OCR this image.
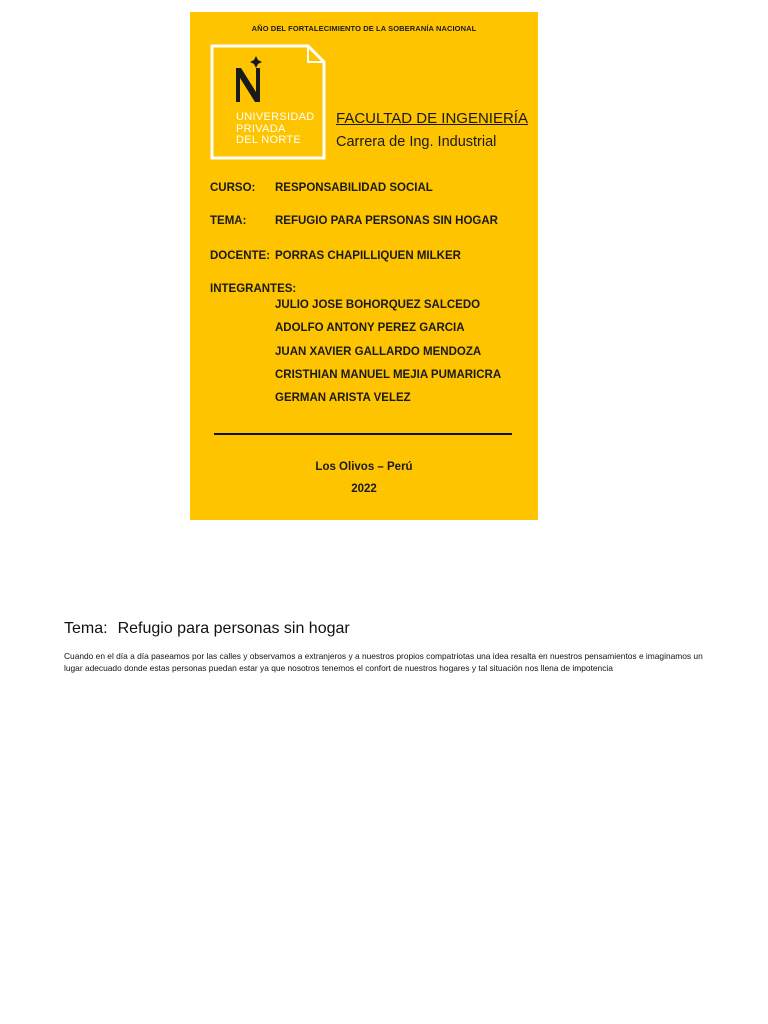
AÑO DEL FORTALECIMIENTO DE LA SOBERANÍA NACIONAL
UNIVERSIDAD
PRIVADA
DEL NORTE
FACULTAD DE INGENIERÍA
Carrera de Ing. Industrial
CURSO: RESPONSABILIDAD SOCIAL
TEMA: REFUGIO PARA PERSONAS SIN HOGAR
DOCENTE: PORRAS CHAPILLIQUEN MILKER
INTEGRANTES:
JULIO JOSE BOHORQUEZ SALCEDO
ADOLFO ANTONY PEREZ GARCIA
JUAN XAVIER GALLARDO MENDOZA
CRISTHIAN MANUEL MEJIA PUMARICRA
GERMAN ARISTA VELEZ
Los Olivos – Perú
2022
Tema: Refugio para personas sin hogar
Cuando en el día a día paseamos por las calles y observamos a extranjeros y a nuestros propios compatriotas una idea resalta en nuestros pensamientos e imaginamos un lugar adecuado donde estas personas puedan estar ya que nosotros tenemos el confort de nuestros hogares y tal situación nos llena de impotencia
